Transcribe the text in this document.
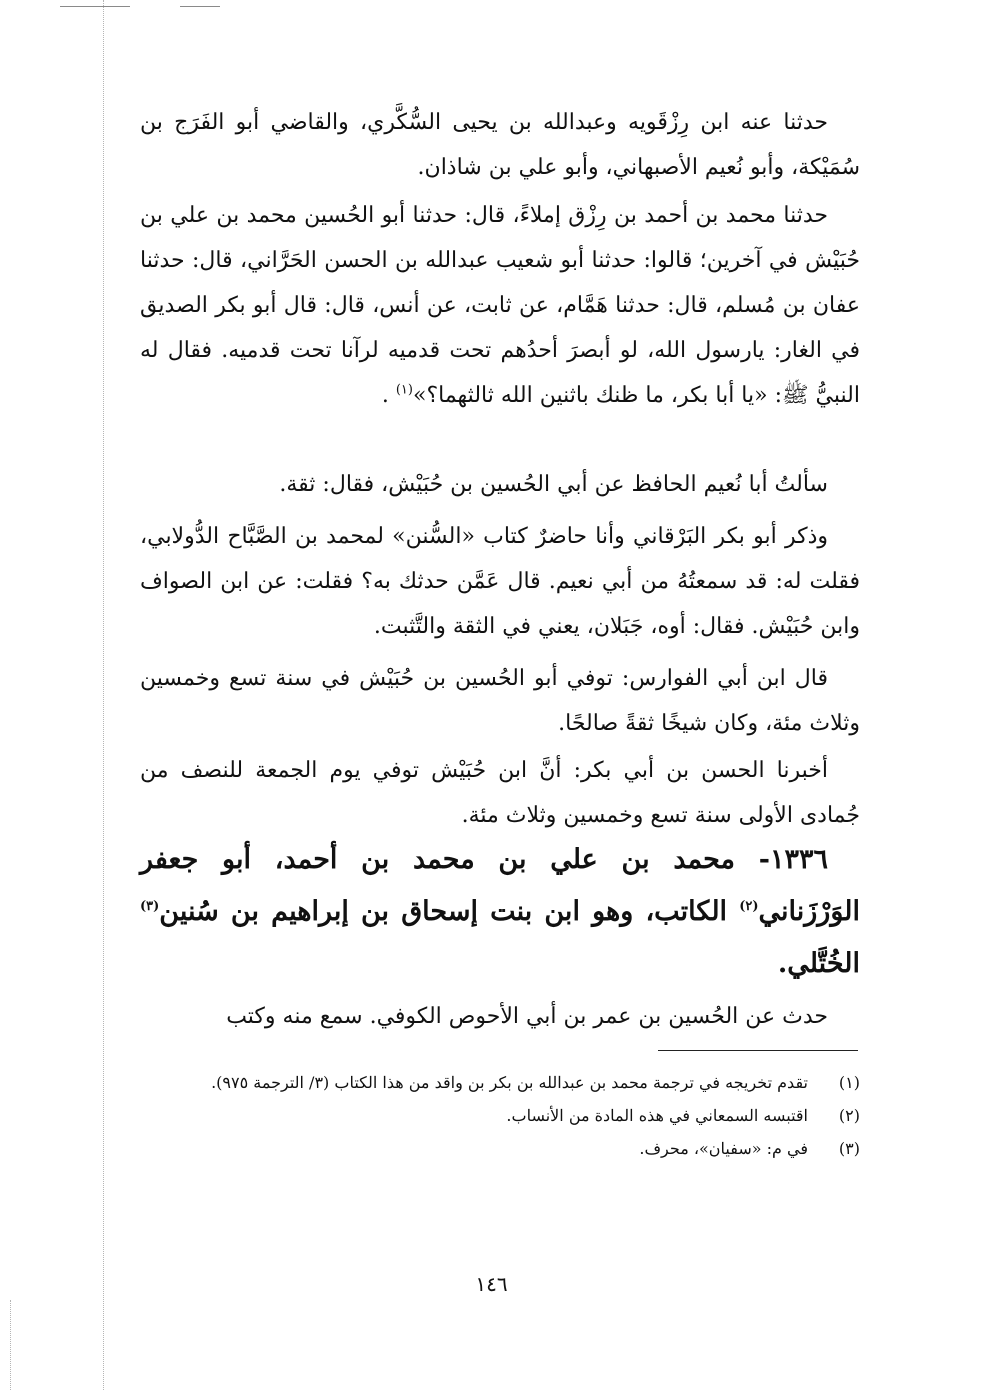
حدثنا عنه ابن رِزْقَويه وعبدالله بن يحيى السُّكَّري، والقاضي أبو الفَرَج بن سُمَيْكة، وأبو نُعيم الأصبهاني، وأبو علي بن شاذان.

حدثنا محمد بن أحمد بن رِزْق إملاءً، قال: حدثنا أبو الحُسين محمد بن علي بن حُبَيْش في آخرين؛ قالوا: حدثنا أبو شعيب عبدالله بن الحسن الحَرَّاني، قال: حدثنا عفان بن مُسلم، قال: حدثنا هَمَّام، عن ثابت، عن أنس، قال: قال أبو بكر الصديق في الغار: يارسول الله، لو أبصرَ أحدُهم تحت قدميه لرآنا تحت قدميه. فقال له النبيُّ ﷺ: «يا أبا بكر، ما ظنك باثنين الله ثالثهما؟»$^{(١)}$ .

سألتُ أبا نُعيم الحافظ عن أبي الحُسين بن حُبَيْش، فقال: ثقة.

وذكر أبو بكر البَرْقاني وأنا حاضرٌ كتاب «السُّنن» لمحمد بن الصَّبَّاح الدُّولابي، فقلت له: قد سمعتُهُ من أبي نعيم. قال عَمَّن حدثك به؟ فقلت: عن ابن الصواف وابن حُبَيْش. فقال: أوه، جَبَلان، يعني في الثقة والتَّثبت.

قال ابن أبي الفوارس: توفي أبو الحُسين بن حُبَيْش في سنة تسع وخمسين وثلاث مئة، وكان شيخًا ثقةً صالحًا.

أخبرنا الحسن بن أبي بكر: أنَّ ابن حُبَيْش توفي يوم الجمعة للنصف من جُمادى الأولى سنة تسع وخمسين وثلاث مئة.

١٣٣٦- محمد بن علي بن محمد بن أحمد، أبو جعفر الوَرْزَناني$^{(٢)}$ الكاتب، وهو ابن بنت إسحاق بن إبراهيم بن سُنين$^{(٣)}$ الخُتَّلي.

حدث عن الحُسين بن عمر بن أبي الأحوص الكوفي. سمع منه وكتب

(١)
تقدم تخريجه في ترجمة محمد بن عبدالله بن بكر بن واقد من هذا الكتاب (٣/ الترجمة ٩٧٥).

(٢)
اقتبسه السمعاني في هذه المادة من الأنساب.

(٣)
في م: «سفيان»، محرف.

١٤٦
